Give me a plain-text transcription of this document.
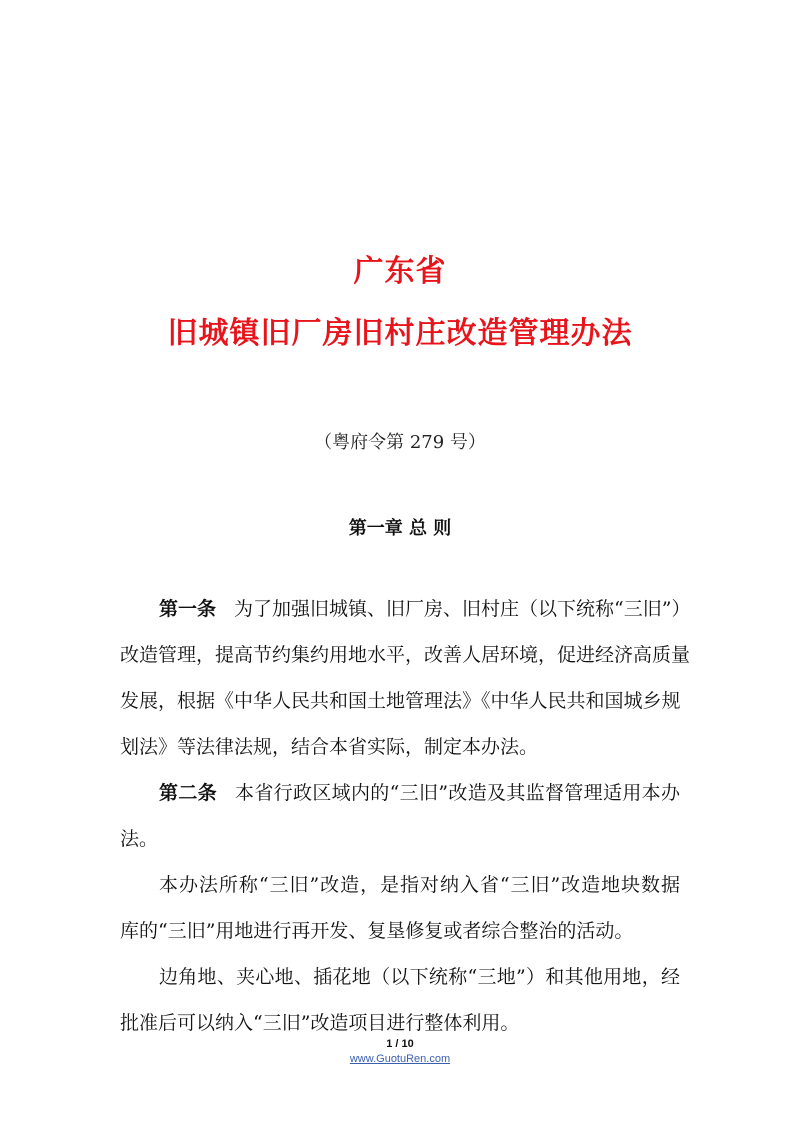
广东省
旧城镇旧厂房旧村庄改造管理办法
（粤府令第 279 号）
第一章 总 则
第一条 为了加强旧城镇、旧厂房、旧村庄（以下统称“三旧”）
改造管理，提高节约集约用地水平，改善人居环境，促进经济高质量
发展，根据《中华人民共和国土地管理法》《中华人民共和国城乡规
划法》等法律法规，结合本省实际，制定本办法。
第二条 本省行政区域内的“三旧”改造及其监督管理适用本办
法。
本办法所称“三旧”改造，是指对纳入省“三旧”改造地块数据
库的“三旧”用地进行再开发、复垦修复或者综合整治的活动。
边角地、夹心地、插花地（以下统称“三地”）和其他用地，经
批准后可以纳入“三旧”改造项目进行整体利用。
1 / 10
www.GuotuRen.com
